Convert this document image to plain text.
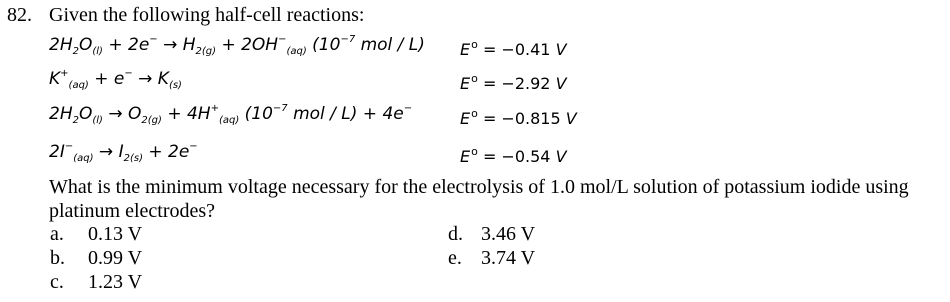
82. Given the following half-cell reactions:
$2H_2O_{(l)} + 2e^- \to H_{2(g)} + 2OH^-_{(aq)}$ ($10^{-7}$ mol / L) $E^o = -0.41$ V
$K^+_{(aq)} + e^- \to K_{(s)}$	$E^o = -2.92$ V
$2H_2O_{(l)} \to O_{2(g)} + 4H^+_{(aq)}$ ($10^{-7}$ mol / L) + 4e−
$E^o = -0.815$ V
$2I^-_{(aq)} \to I_{2(s)} + 2e^-$
$E^o = -0.54$ V
What is the minimum voltage necessary for the electrolysis of 1.0 mol/L solution of potassium iodide using platinum electrodes?
a. 0.13 V
b. 0.99 V
c. 1.23 V
d. 3.46 V
e. 3.74 V
